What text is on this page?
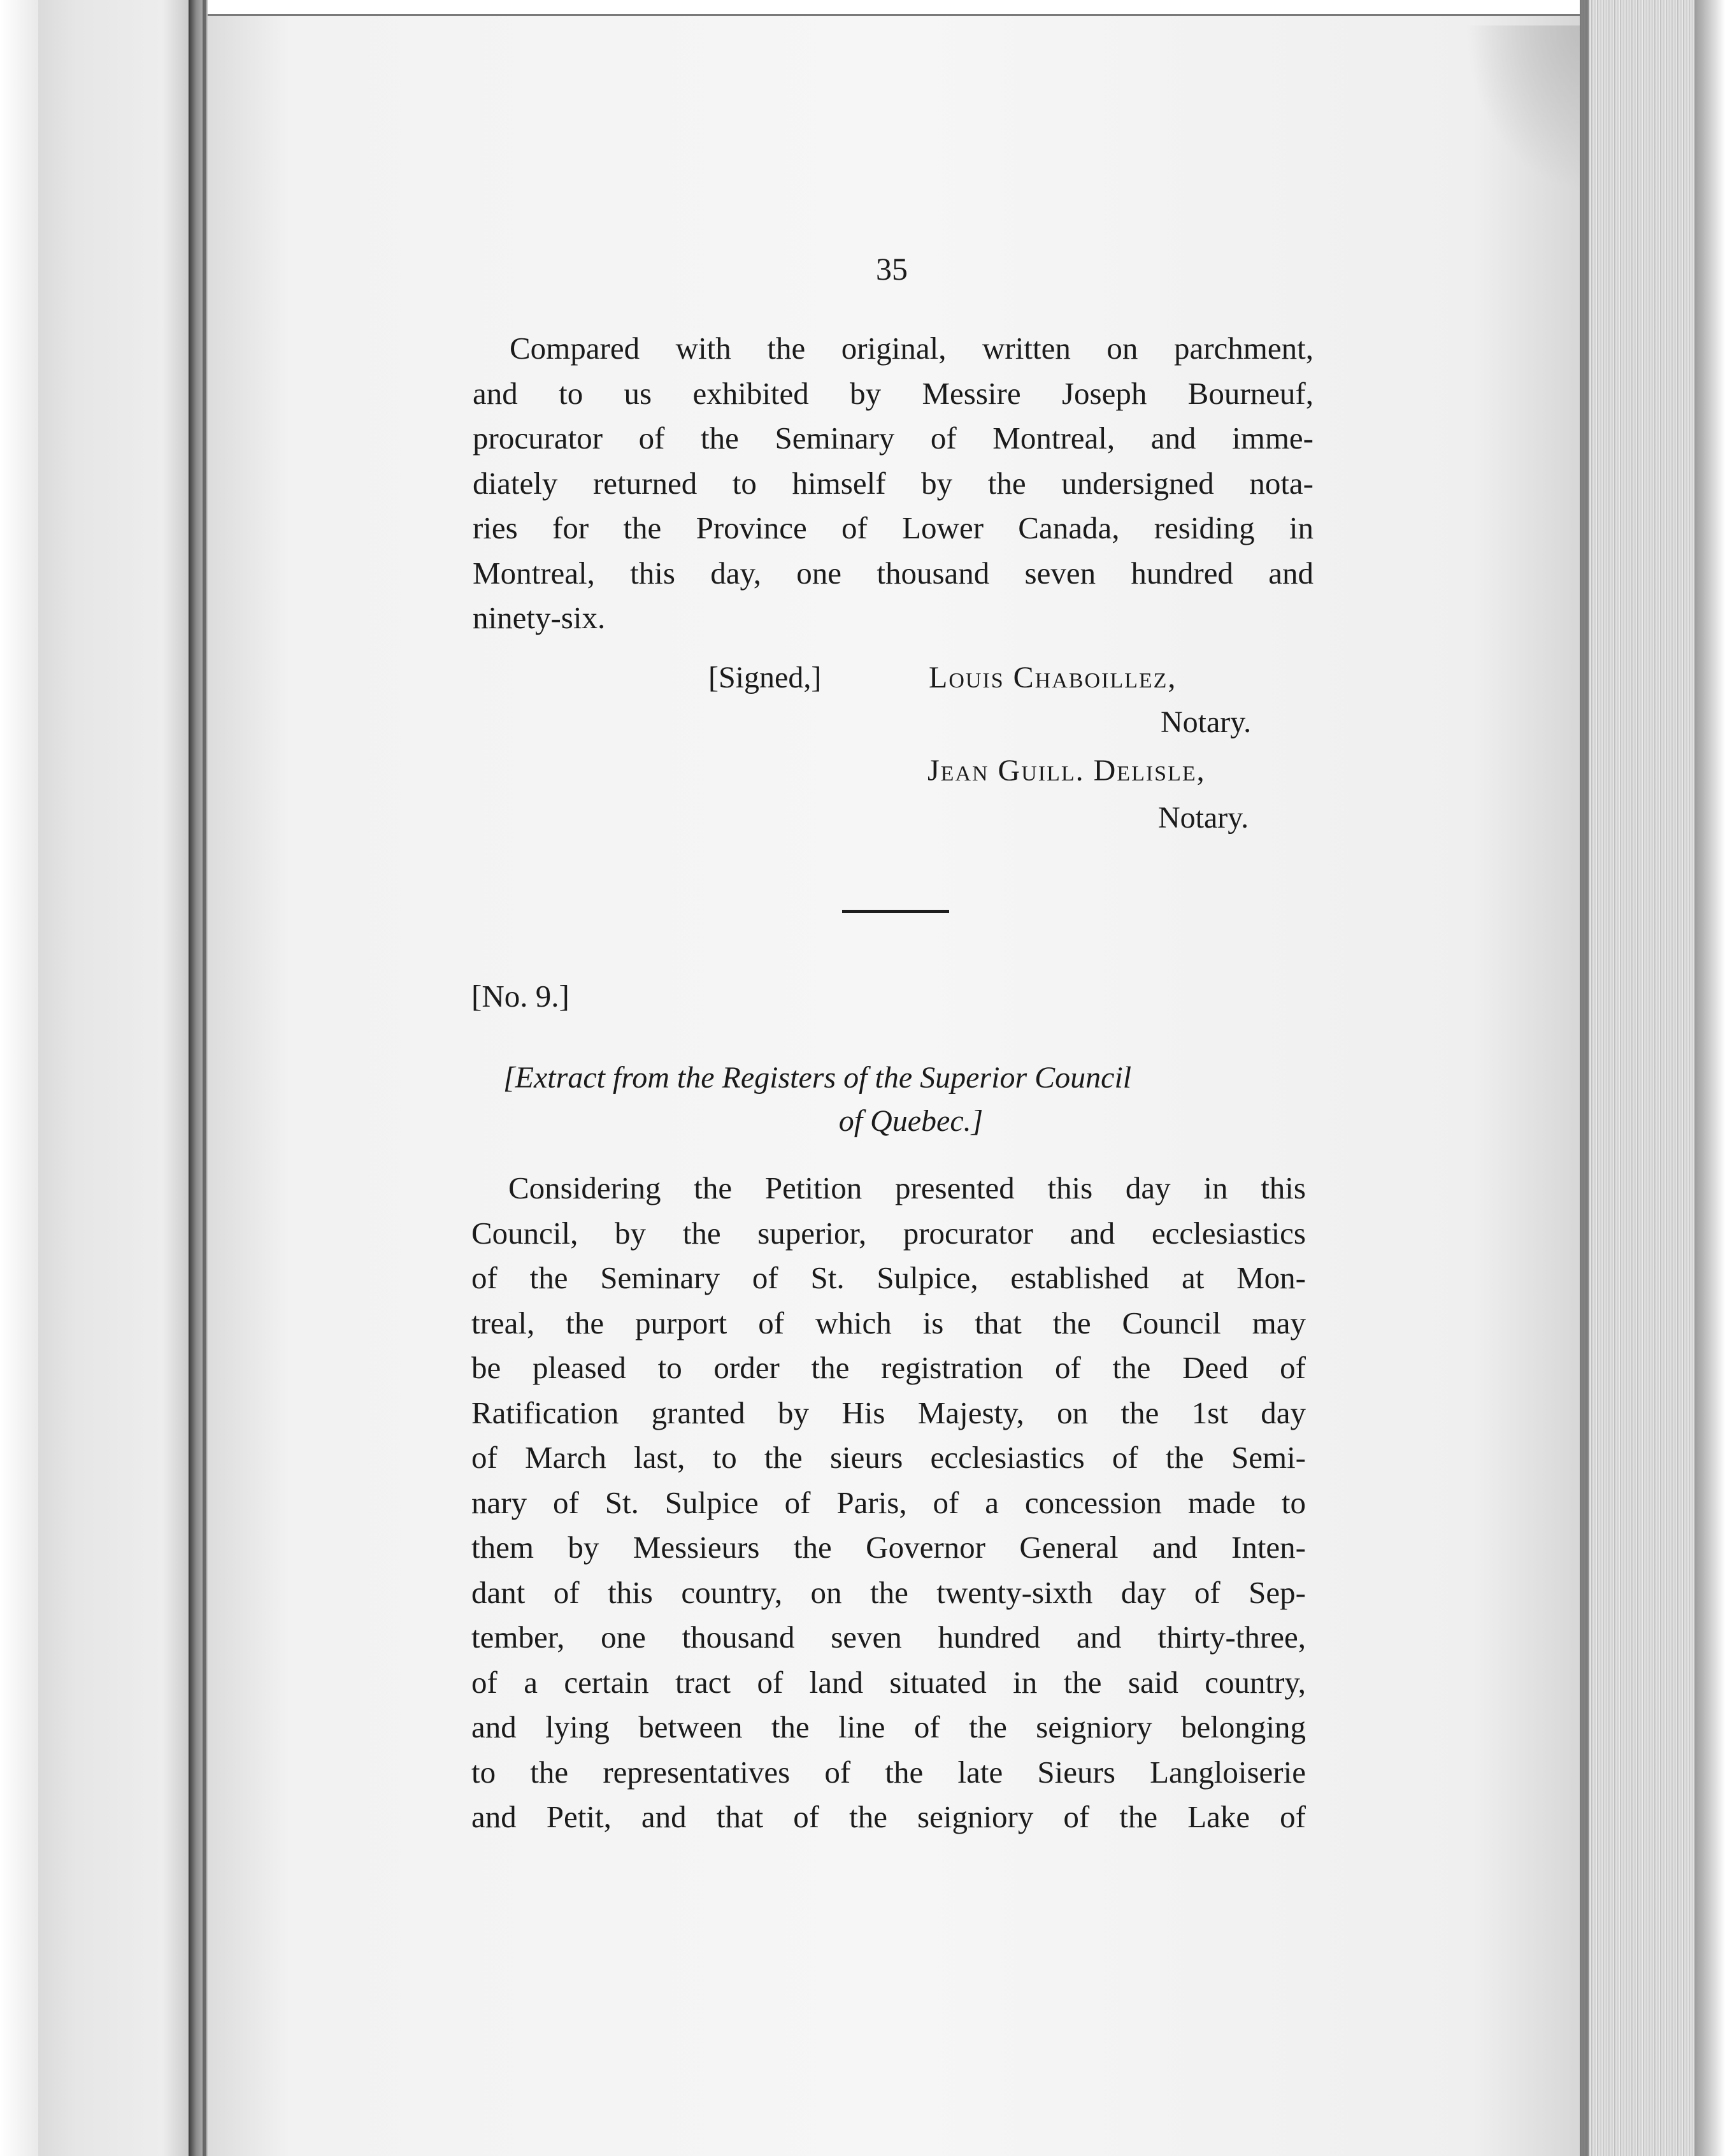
35
Compared with the original, written on parchment,
and to us exhibited by Messire Joseph Bourneuf,
procurator of the Seminary of Montreal, and imme-
diately returned to himself by the undersigned nota-
ries for the Province of Lower Canada, residing in
Montreal, this day, one thousand seven hundred and
ninety-six.
[Signed,]	Louis Chaboillez,
Notary.
Jean Guill. Delisle,
Notary.
[No. 9.]
[Extract from the Registers of the Superior Council
of Quebec.]
Considering the Petition presented this day in this
Council, by the superior, procurator and ecclesiastics
of the Seminary of St. Sulpice, established at Mon-
treal, the purport of which is that the Council may
be pleased to order the registration of the Deed of
Ratification granted by His Majesty, on the 1st day
of March last, to the sieurs ecclesiastics of the Semi-
nary of St. Sulpice of Paris, of a concession made to
them by Messieurs the Governor General and Inten-
dant of this country, on the twenty-sixth day of Sep-
tember, one thousand seven hundred and thirty-three,
of a certain tract of land situated in the said country,
and lying between the line of the seigniory belonging
to the representatives of the late Sieurs Langloiserie
and Petit, and that of the seigniory of the Lake of
